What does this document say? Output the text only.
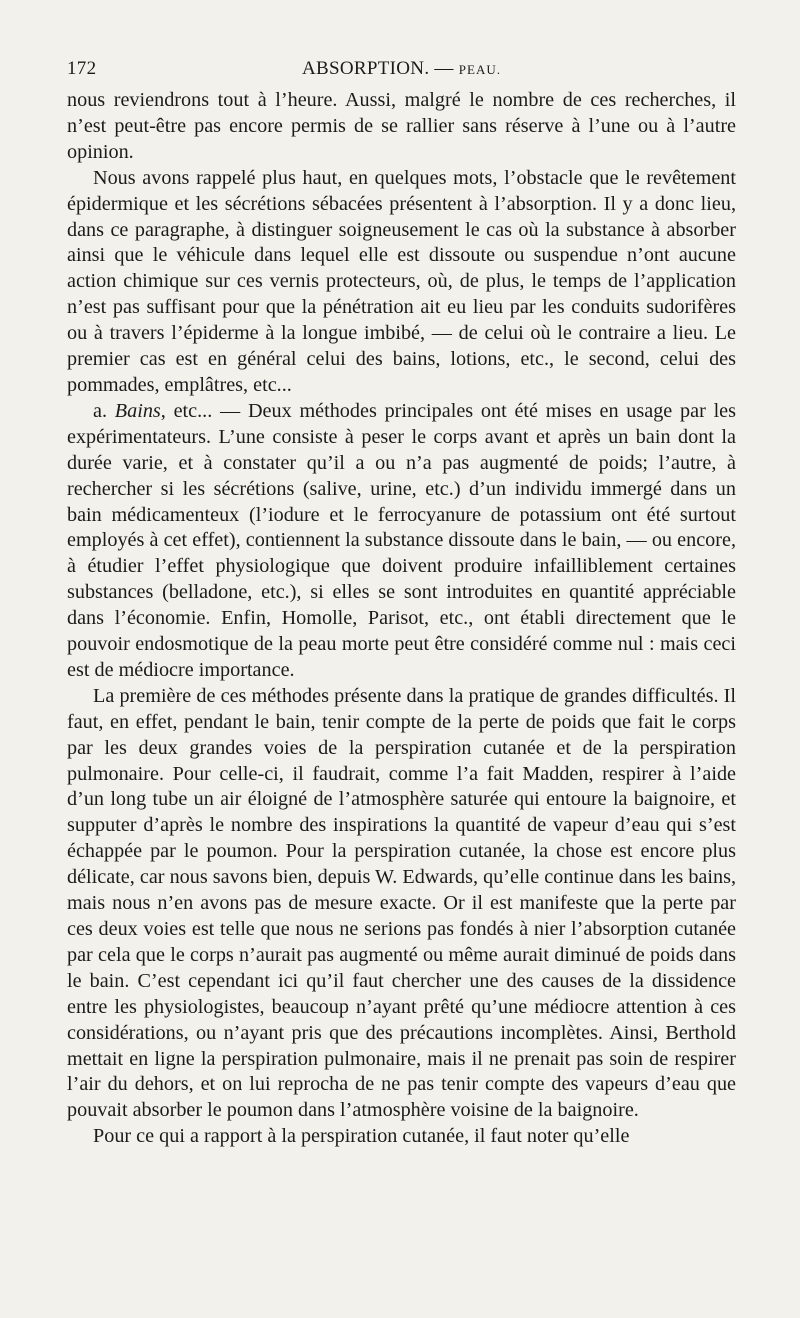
172	ABSORPTION. — PEAU.

nous reviendrons tout à l’heure. Aussi, malgré le nombre de ces recherches, il n’est peut-être pas encore permis de se rallier sans réserve à l’une ou à l’autre opinion.

Nous avons rappelé plus haut, en quelques mots, l’obstacle que le revêtement épidermique et les sécrétions sébacées présentent à l’absorption. Il y a donc lieu, dans ce paragraphe, à distinguer soigneusement le cas où la substance à absorber ainsi que le véhicule dans lequel elle est dissoute ou suspendue n’ont aucune action chimique sur ces vernis protecteurs, où, de plus, le temps de l’application n’est pas suffisant pour que la pénétration ait eu lieu par les conduits sudorifères ou à travers l’épiderme à la longue imbibé, — de celui où le contraire a lieu. Le premier cas est en général celui des bains, lotions, etc., le second, celui des pommades, emplâtres, etc...

a. Bains, etc... — Deux méthodes principales ont été mises en usage par les expérimentateurs. L’une consiste à peser le corps avant et après un bain dont la durée varie, et à constater qu’il a ou n’a pas augmenté de poids; l’autre, à rechercher si les sécrétions (salive, urine, etc.) d’un individu immergé dans un bain médicamenteux (l’iodure et le ferrocyanure de potassium ont été surtout employés à cet effet), contiennent la substance dissoute dans le bain, — ou encore, à étudier l’effet physiologique que doivent produire infailliblement certaines substances (belladone, etc.), si elles se sont introduites en quantité appréciable dans l’économie. Enfin, Homolle, Parisot, etc., ont établi directement que le pouvoir endosmotique de la peau morte peut être considéré comme nul : mais ceci est de médiocre importance.

La première de ces méthodes présente dans la pratique de grandes difficultés. Il faut, en effet, pendant le bain, tenir compte de la perte de poids que fait le corps par les deux grandes voies de la perspiration cutanée et de la perspiration pulmonaire. Pour celle-ci, il faudrait, comme l’a fait Madden, respirer à l’aide d’un long tube un air éloigné de l’atmosphère saturée qui entoure la baignoire, et supputer d’après le nombre des inspirations la quantité de vapeur d’eau qui s’est échappée par le poumon. Pour la perspiration cutanée, la chose est encore plus délicate, car nous savons bien, depuis W. Edwards, qu’elle continue dans les bains, mais nous n’en avons pas de mesure exacte. Or il est manifeste que la perte par ces deux voies est telle que nous ne serions pas fondés à nier l’absorption cutanée par cela que le corps n’aurait pas augmenté ou même aurait diminué de poids dans le bain. C’est cependant ici qu’il faut chercher une des causes de la dissidence entre les physiologistes, beaucoup n’ayant prêté qu’une médiocre attention à ces considérations, ou n’ayant pris que des précautions incomplètes. Ainsi, Berthold mettait en ligne la perspiration pulmonaire, mais il ne prenait pas soin de respirer l’air du dehors, et on lui reprocha de ne pas tenir compte des vapeurs d’eau que pouvait absorber le poumon dans l’atmosphère voisine de la baignoire.

Pour ce qui a rapport à la perspiration cutanée, il faut noter qu’elle
